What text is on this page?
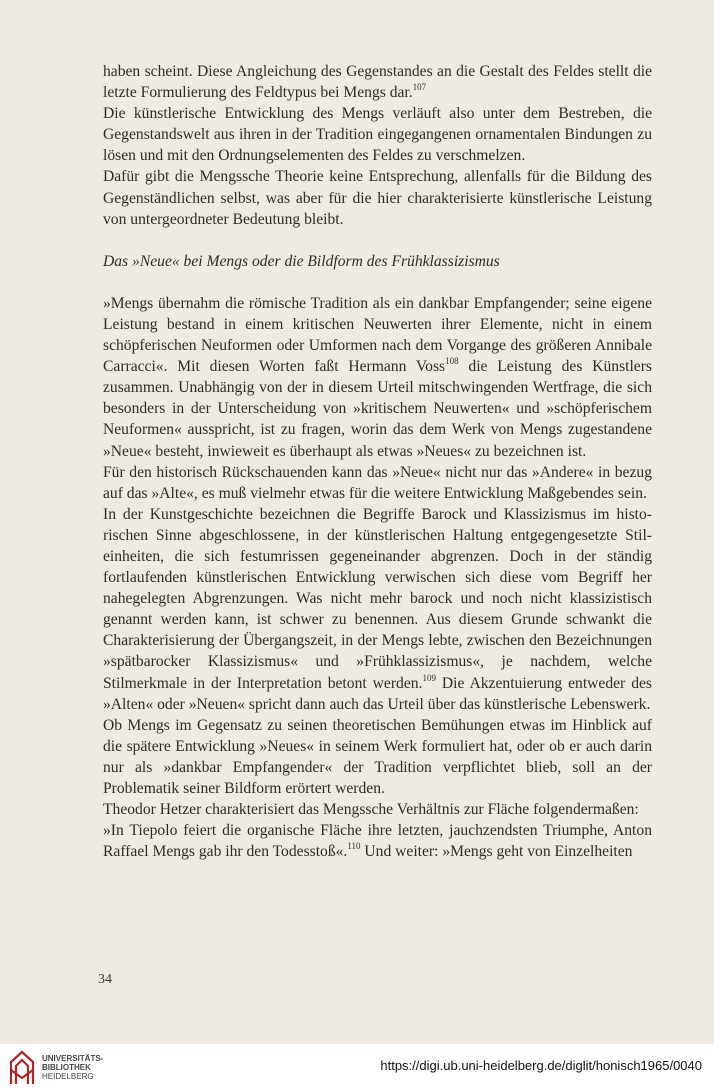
haben scheint. Diese Angleichung des Gegenstandes an die Gestalt des Feldes stellt die letzte Formulierung des Feldtypus bei Mengs dar.$^{107}$

Die künstlerische Entwicklung des Mengs verläuft also unter dem Bestreben, die Gegenstandswelt aus ihren in der Tradition eingegangenen ornamentalen Bindungen zu lösen und mit den Ordnungselementen des Feldes zu verschmelzen.

Dafür gibt die Mengssche Theorie keine Entsprechung, allenfalls für die Bildung des Gegenständlichen selbst, was aber für die hier charakterisierte künstlerische Leistung von untergeordneter Bedeutung bleibt.

Das »Neue« bei Mengs oder die Bildform des Frühklassizismus

»Mengs übernahm die römische Tradition als ein dankbar Empfangender; seine eigene Leistung bestand in einem kritischen Neuwerten ihrer Elemente, nicht in einem schöpferischen Neuformen oder Umformen nach dem Vorgange des größeren Annibale Carracci«. Mit diesen Worten faßt Hermann Voss$^{108}$ die Leistung des Künstlers zusammen. Unabhängig von der in diesem Urteil mitschwingenden Wertfrage, die sich besonders in der Unterscheidung von »kritischem Neuwerten« und »schöpferischem Neuformen« ausspricht, ist zu fragen, worin das dem Werk von Mengs zugestandene »Neue« besteht, inwieweit es überhaupt als etwas »Neues« zu bezeichnen ist.

Für den historisch Rückschauenden kann das »Neue« nicht nur das »Andere« in bezug auf das »Alte«, es muß vielmehr etwas für die weitere Entwicklung Maßgebendes sein.

In der Kunstgeschichte bezeichnen die Begriffe Barock und Klassizismus im historischen Sinne abgeschlossene, in der künstlerischen Haltung entgegengesetzte Stileinheiten, die sich festumrissen gegeneinander abgrenzen. Doch in der ständig fortlaufenden künstlerischen Entwicklung verwischen sich diese vom Begriff her nahegelegten Abgrenzungen. Was nicht mehr barock und noch nicht klassizistisch genannt werden kann, ist schwer zu benennen. Aus diesem Grunde schwankt die Charakterisierung der Übergangszeit, in der Mengs lebte, zwischen den Bezeichnungen »spätbarocker Klassizismus« und »Frühklassizismus«, je nachdem, welche Stilmerkmale in der Interpretation betont werden.$^{109}$ Die Akzentuierung entweder des »Alten« oder »Neuen« spricht dann auch das Urteil über das künstlerische Lebenswerk.

Ob Mengs im Gegensatz zu seinen theoretischen Bemühungen etwas im Hinblick auf die spätere Entwicklung »Neues« in seinem Werk formuliert hat, oder ob er auch darin nur als »dankbar Empfangender« der Tradition verpflichtet blieb, soll an der Problematik seiner Bildform erörtert werden.

Theodor Hetzer charakterisiert das Mengssche Verhältnis zur Fläche folgendermaßen:

»In Tiepolo feiert die organische Fläche ihre letzten, jauchzendsten Triumphe, Anton Raffael Mengs gab ihr den Todesstoß«.$^{110}$ Und weiter: »Mengs geht von Einzelheiten

34
UNIVERSITÄTS-
BIBLIOTHEK
HEIDELBERG
https://digi.ub.uni-heidelberg.de/diglit/honisch1965/0040
